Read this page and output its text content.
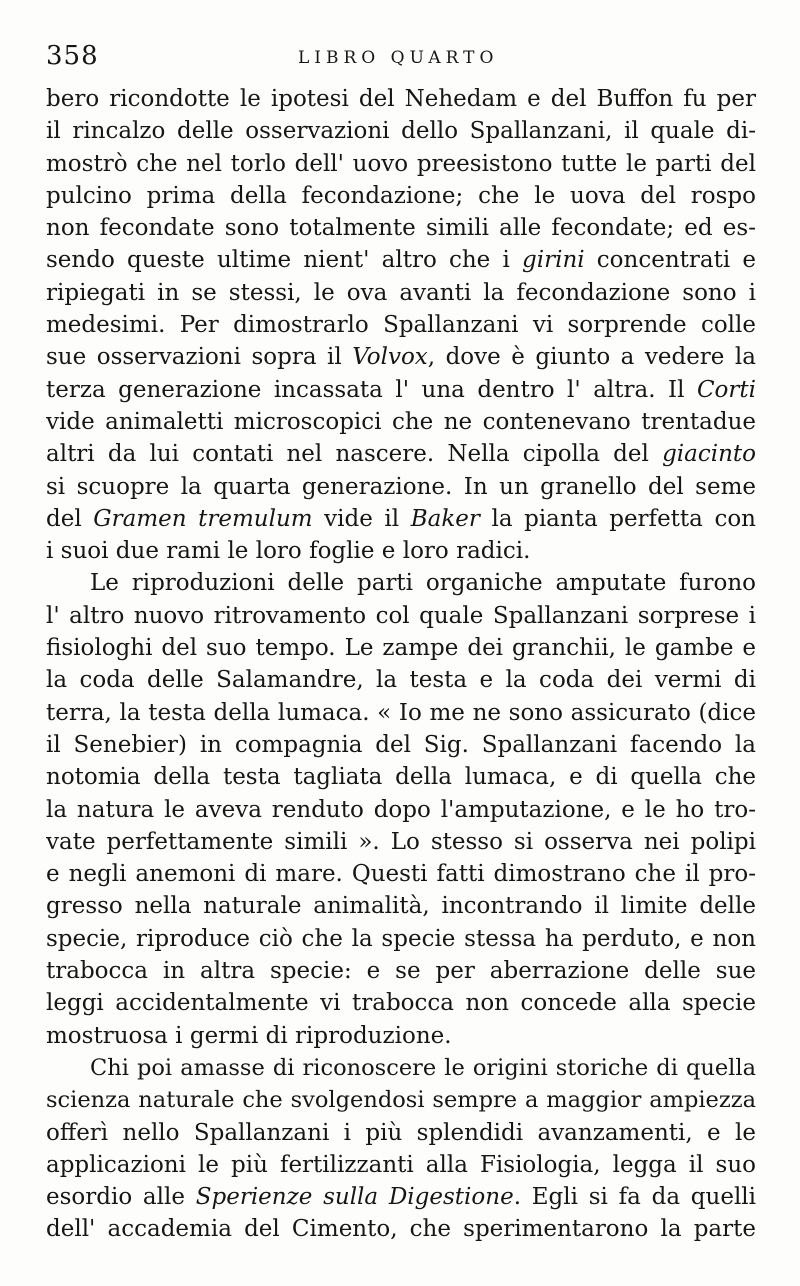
358	LIBRO QUARTO
bero ricondotte le ipotesi del Nehedam e del Buffon fu per
il rincalzo delle osservazioni dello Spallanzani, il quale di-
mostrò che nel torlo dell' uovo preesistono tutte le parti del
pulcino prima della fecondazione; che le uova del rospo
non fecondate sono totalmente simili alle fecondate; ed es-
sendo queste ultime nient' altro che i girini concentrati e
ripiegati in se stessi, le ova avanti la fecondazione sono i
medesimi. Per dimostrarlo Spallanzani vi sorprende colle
sue osservazioni sopra il Volvox, dove è giunto a vedere la
terza generazione incassata l' una dentro l' altra. Il Corti
vide animaletti microscopici che ne contenevano trentadue
altri da lui contati nel nascere. Nella cipolla del giacinto
si scuopre la quarta generazione. In un granello del seme
del Gramen tremulum vide il Baker la pianta perfetta con
i suoi due rami le loro foglie e loro radici.
Le riproduzioni delle parti organiche amputate furono
l' altro nuovo ritrovamento col quale Spallanzani sorprese i
fisiologhi del suo tempo. Le zampe dei granchii, le gambe e
la coda delle Salamandre, la testa e la coda dei vermi di
terra, la testa della lumaca. « Io me ne sono assicurato (dice
il Senebier) in compagnia del Sig. Spallanzani facendo la
notomia della testa tagliata della lumaca, e di quella che
la natura le aveva renduto dopo l'amputazione, e le ho tro-
vate perfettamente simili ». Lo stesso si osserva nei polipi
e negli anemoni di mare. Questi fatti dimostrano che il pro-
gresso nella naturale animalità, incontrando il limite delle
specie, riproduce ciò che la specie stessa ha perduto, e non
trabocca in altra specie: e se per aberrazione delle sue
leggi accidentalmente vi trabocca non concede alla specie
mostruosa i germi di riproduzione.
Chi poi amasse di riconoscere le origini storiche di quella
scienza naturale che svolgendosi sempre a maggior ampiezza
offerì nello Spallanzani i più splendidi avanzamenti, e le
applicazioni le più fertilizzanti alla Fisiologia, legga il suo
esordio alle Sperienze sulla Digestione. Egli si fa da quelli
dell' accademia del Cimento, che sperimentarono la parte
